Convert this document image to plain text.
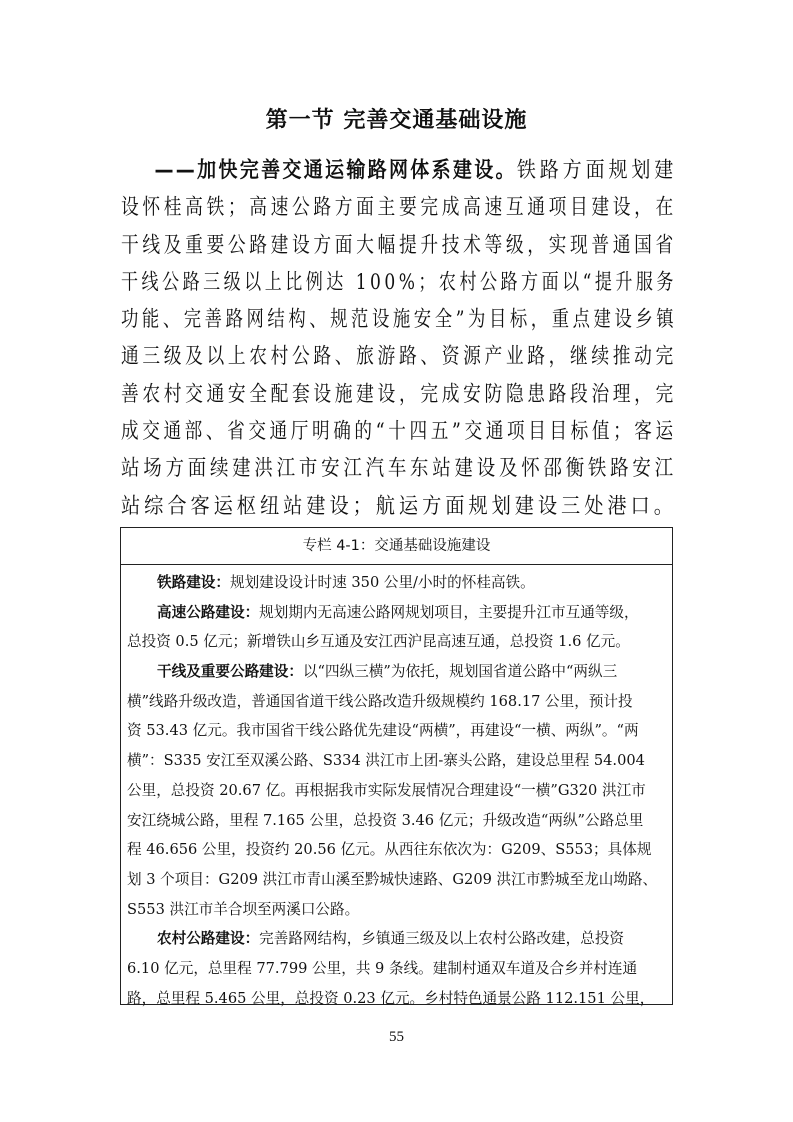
第一节 完善交通基础设施
——加快完善交通运输路网体系建设。铁路方面规划建
设怀桂高铁；高速公路方面主要完成高速互通项目建设，在
干线及重要公路建设方面大幅提升技术等级，实现普通国省
干线公路三级以上比例达 100%；农村公路方面以“提升服务
功能、完善路网结构、规范设施安全”为目标，重点建设乡镇
通三级及以上农村公路、旅游路、资源产业路，继续推动完
善农村交通安全配套设施建设，完成安防隐患路段治理，完
成交通部、省交通厅明确的“十四五”交通项目目标值；客运
站场方面续建洪江市安江汽车东站建设及怀邵衡铁路安江
站综合客运枢纽站建设；航运方面规划建设三处港口。
专栏 4-1：交通基础设施建设
铁路建设：规划建设设计时速 350 公里/小时的怀桂高铁。
高速公路建设：规划期内无高速公路网规划项目，主要提升江市互通等级，
总投资 0.5 亿元；新增铁山乡互通及安江西沪昆高速互通，总投资 1.6 亿元。
干线及重要公路建设：以“四纵三横”为依托，规划国省道公路中“两纵三
横”线路升级改造，普通国省道干线公路改造升级规模约 168.17 公里，预计投
资 53.43 亿元。我市国省干线公路优先建设“两横”，再建设“一横、两纵”。“两
横”：S335 安江至双溪公路、S334 洪江市上团-寨头公路，建设总里程 54.004
公里，总投资 20.67 亿。再根据我市实际发展情况合理建设“一横”G320 洪江市
安江绕城公路，里程 7.165 公里，总投资 3.46 亿元；升级改造“两纵”公路总里
程 46.656 公里，投资约 20.56 亿元。从西往东依次为：G209、S553；具体规
划 3 个项目：G209 洪江市青山溪至黔城快速路、G209 洪江市黔城至龙山坳路、
S553 洪江市羊合坝至两溪口公路。
农村公路建设：完善路网结构，乡镇通三级及以上农村公路改建，总投资
6.10 亿元，总里程 77.799 公里，共 9 条线。建制村通双车道及合乡并村连通
路，总里程 5.465 公里，总投资 0.23 亿元。乡村特色通景公路 112.151 公里，
55
